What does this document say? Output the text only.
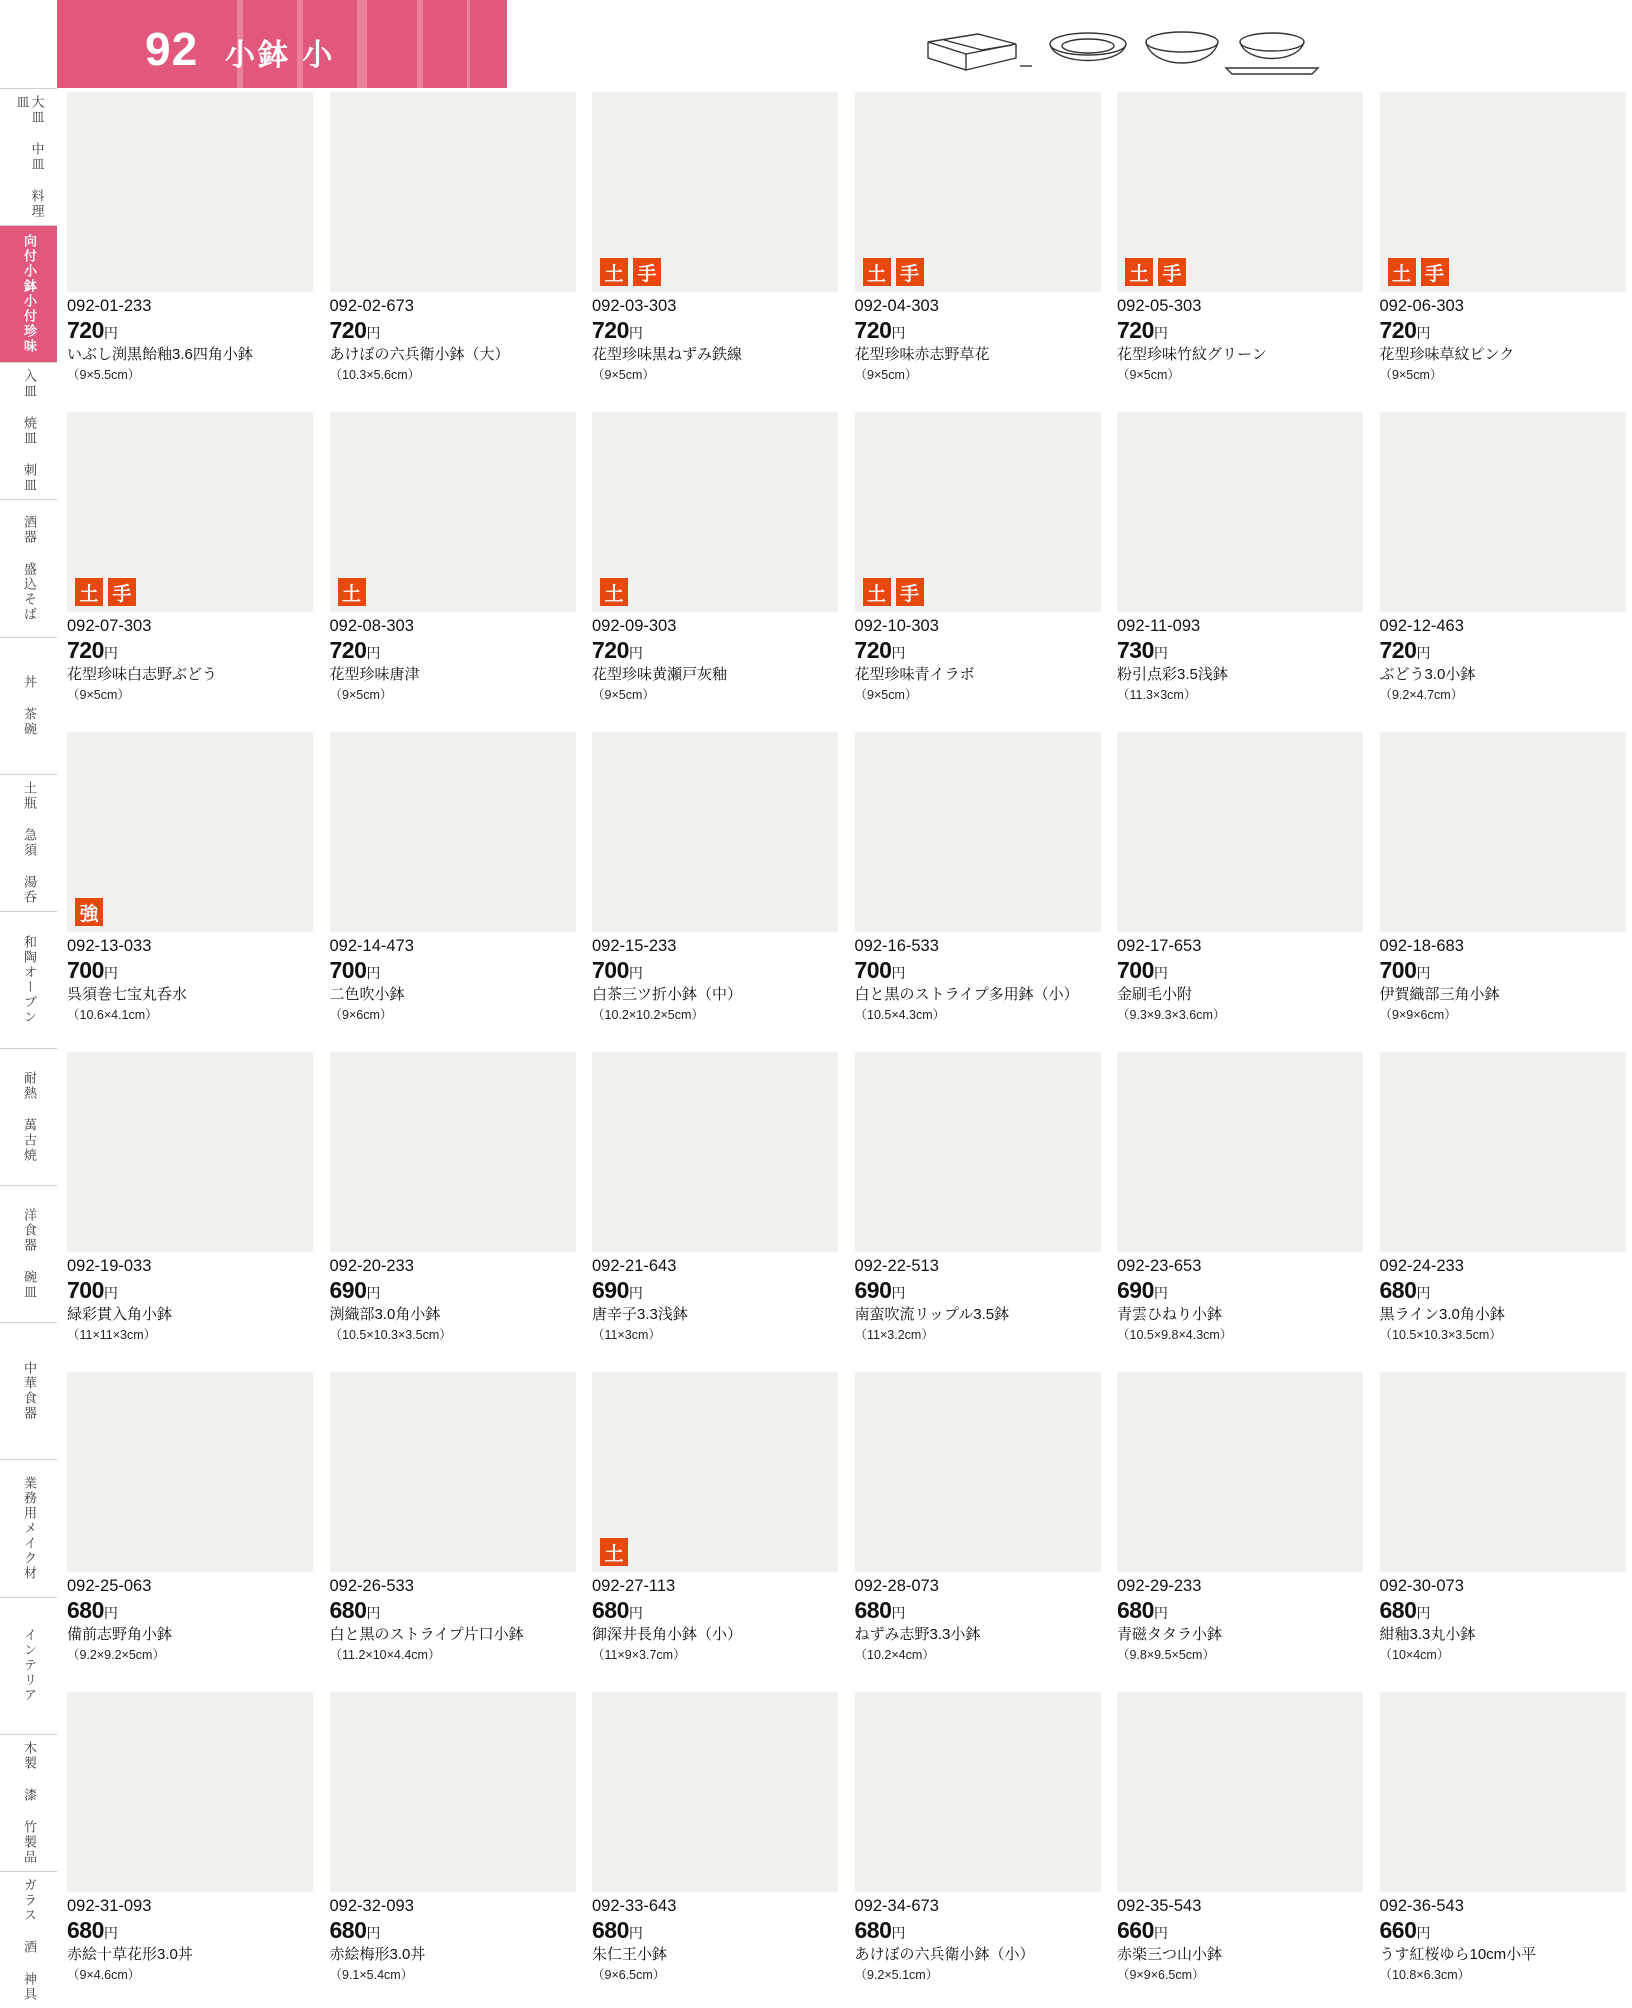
92 小鉢 小
大皿 中皿 料理皿
向付小鉢小付珍味
入皿 焼皿 刺皿
酒器 盛込そば
丼 茶碗
土瓶 急須 湯呑
和陶オーブン
耐熱 萬古焼
洋食器 碗皿
中華食器
業務用メイク材
インテリア
木製 漆 竹製品
ガラス 酒 神具
092-01-233
720円
いぶし渕黒飴釉3.6四角小鉢
（9×5.5cm）
092-02-673
720円
あけぼの六兵衛小鉢（大）
（10.3×5.6cm）
土 手
092-03-303
720円
花型珍味黒ねずみ鉄線
（9×5cm）
土 手
092-04-303
720円
花型珍味赤志野草花
（9×5cm）
土 手
092-05-303
720円
花型珍味竹紋グリーン
（9×5cm）
土 手
092-06-303
720円
花型珍味草紋ピンク
（9×5cm）
土 手
092-07-303
720円
花型珍味白志野ぶどう
（9×5cm）
土
092-08-303
720円
花型珍味唐津
（9×5cm）
土
092-09-303
720円
花型珍味黄瀬戸灰釉
（9×5cm）
土 手
092-10-303
720円
花型珍味青イラボ
（9×5cm）
092-11-093
730円
粉引点彩3.5浅鉢
（11.3×3cm）
092-12-463
720円
ぶどう3.0小鉢
（9.2×4.7cm）
強
092-13-033
700円
呉須巻七宝丸呑水
（10.6×4.1cm）
092-14-473
700円
二色吹小鉢
（9×6cm）
092-15-233
700円
白茶三ツ折小鉢（中）
（10.2×10.2×5cm）
092-16-533
700円
白と黒のストライプ多用鉢（小）
（10.5×4.3cm）
092-17-653
700円
金刷毛小附
（9.3×9.3×3.6cm）
092-18-683
700円
伊賀織部三角小鉢
（9×9×6cm）
092-19-033
700円
緑彩貫入角小鉢
（11×11×3cm）
092-20-233
690円
渕織部3.0角小鉢
（10.5×10.3×3.5cm）
092-21-643
690円
唐辛子3.3浅鉢
（11×3cm）
092-22-513
690円
南蛮吹流リップル3.5鉢
（11×3.2cm）
092-23-653
690円
青雲ひねり小鉢
（10.5×9.8×4.3cm）
092-24-233
680円
黒ライン3.0角小鉢
（10.5×10.3×3.5cm）
092-25-063
680円
備前志野角小鉢
（9.2×9.2×5cm）
092-26-533
680円
白と黒のストライプ片口小鉢
（11.2×10×4.4cm）
土
092-27-113
680円
御深井長角小鉢（小）
（11×9×3.7cm）
092-28-073
680円
ねずみ志野3.3小鉢
（10.2×4cm）
092-29-233
680円
青磁タタラ小鉢
（9.8×9.5×5cm）
092-30-073
680円
紺釉3.3丸小鉢
（10×4cm）
092-31-093
680円
赤絵十草花形3.0丼
（9×4.6cm）
092-32-093
680円
赤絵梅形3.0丼
（9.1×5.4cm）
092-33-643
680円
朱仁王小鉢
（9×6.5cm）
092-34-673
680円
あけぼの六兵衛小鉢（小）
（9.2×5.1cm）
092-35-543
660円
赤楽三つ山小鉢
（9×9×6.5cm）
092-36-543
660円
うす紅桜ゆら10cm小平
（10.8×6.3cm）
